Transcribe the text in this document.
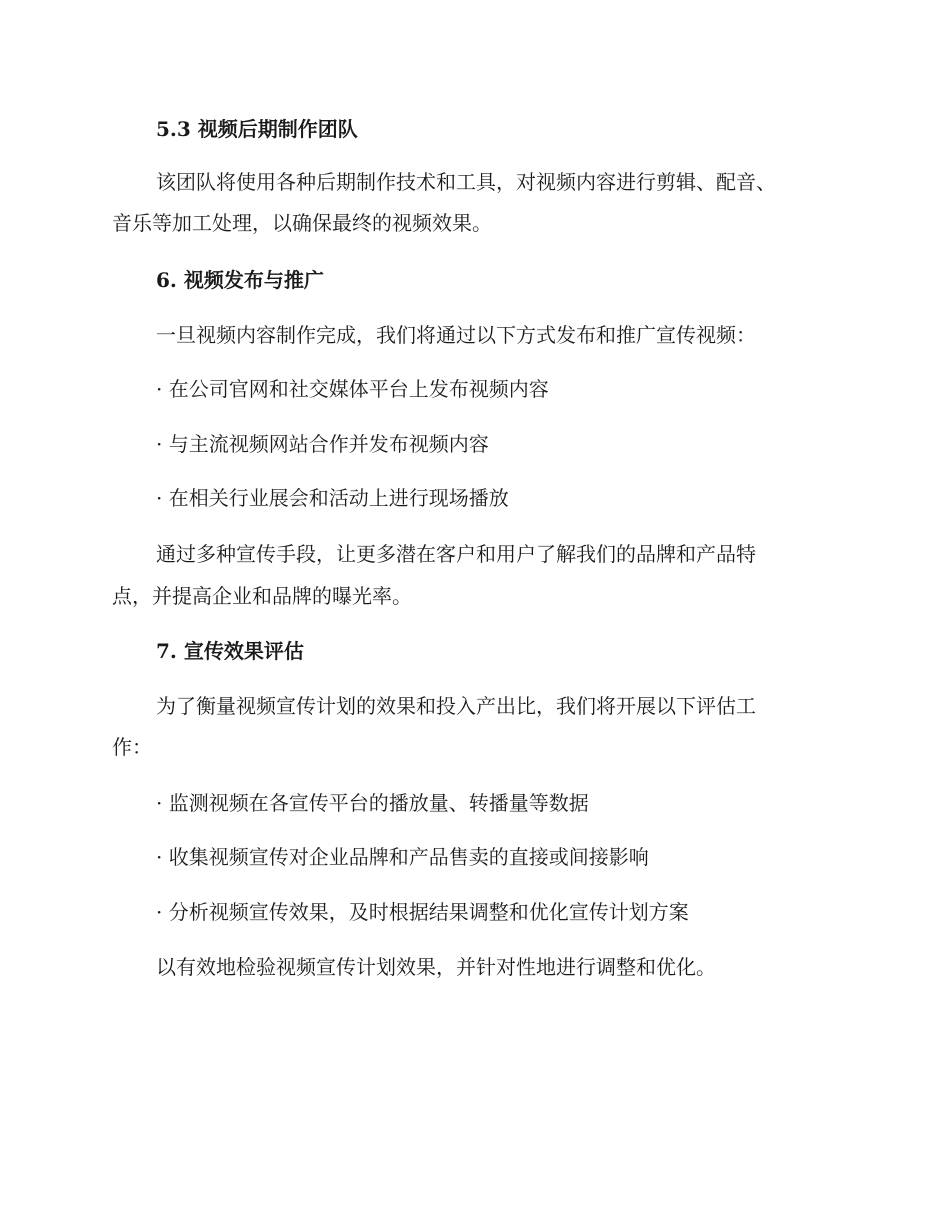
5.3 视频后期制作团队
该团队将使用各种后期制作技术和工具，对视频内容进行剪辑、配音、
音乐等加工处理，以确保最终的视频效果。
6. 视频发布与推广
一旦视频内容制作完成，我们将通过以下方式发布和推广宣传视频：
· 在公司官网和社交媒体平台上发布视频内容
· 与主流视频网站合作并发布视频内容
· 在相关行业展会和活动上进行现场播放
通过多种宣传手段，让更多潜在客户和用户了解我们的品牌和产品特
点，并提高企业和品牌的曝光率。
7. 宣传效果评估
为了衡量视频宣传计划的效果和投入产出比，我们将开展以下评估工
作：
· 监测视频在各宣传平台的播放量、转播量等数据
· 收集视频宣传对企业品牌和产品售卖的直接或间接影响
· 分析视频宣传效果，及时根据结果调整和优化宣传计划方案
以有效地检验视频宣传计划效果，并针对性地进行调整和优化。
